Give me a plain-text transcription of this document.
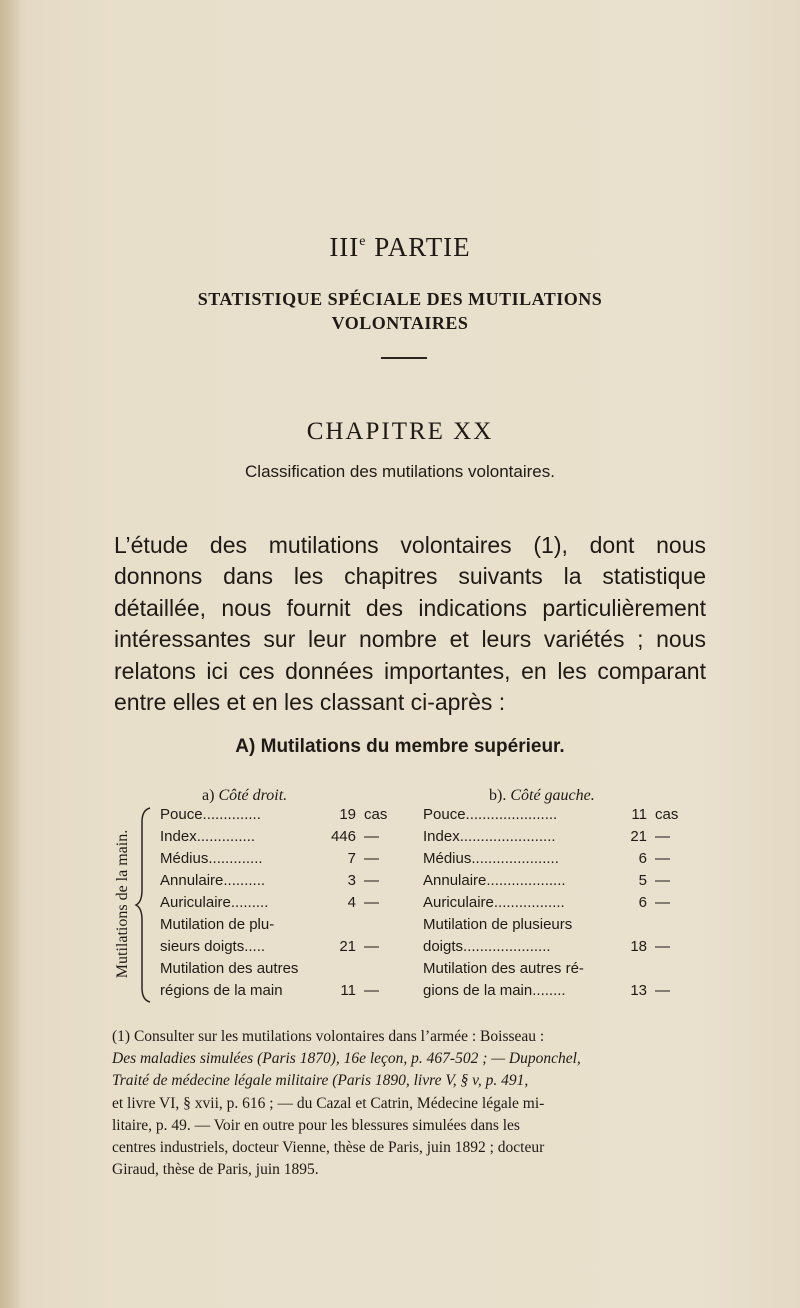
IIIe PARTIE
STATISTIQUE SPÉCIALE DES MUTILATIONS
VOLONTAIRES
CHAPITRE XX
Classification des mutilations volontaires.

L’étude des mutilations volontaires (1), dont nous donnons dans les chapitres suivants la statistique détaillée, nous fournit des indications particulièrement intéressantes sur leur nombre et leurs variétés ; nous relatons ici ces données importantes, en les comparant entre elles et en les classant ci-après :

A) Mutilations du membre supérieur.
a) Côté droit.	b). Côté gauche.
Mutilations de la main.
Pouce..............	19 cas
Index..............	446 —
Médius.............	7 —
Annulaire..........	3 —
Auriculaire.........	4 —
Mutilation de plu-
sieurs doigts.....	21 —
Mutilation des autres
régions de la main	11 —
Pouce......................	11 cas
Index.......................	21 —
Médius.....................	6 —
Annulaire...................	5 —
Auriculaire.................	6 —
Mutilation de plusieurs
doigts.....................	18 —
Mutilation des autres ré-
gions de la main........	13 —
(1) Consulter sur les mutilations volontaires dans l’armée : Boisseau :
Des maladies simulées (Paris 1870), 16e leçon, p. 467-502 ; — Duponchel,
Traité de médecine légale militaire (Paris 1890, livre V, § v, p. 491,
et livre VI, § xvii, p. 616 ; — du Cazal et Catrin, Médecine légale mi-
litaire, p. 49. — Voir en outre pour les blessures simulées dans les
centres industriels, docteur Vienne, thèse de Paris, juin 1892 ; docteur
Giraud, thèse de Paris, juin 1895.
